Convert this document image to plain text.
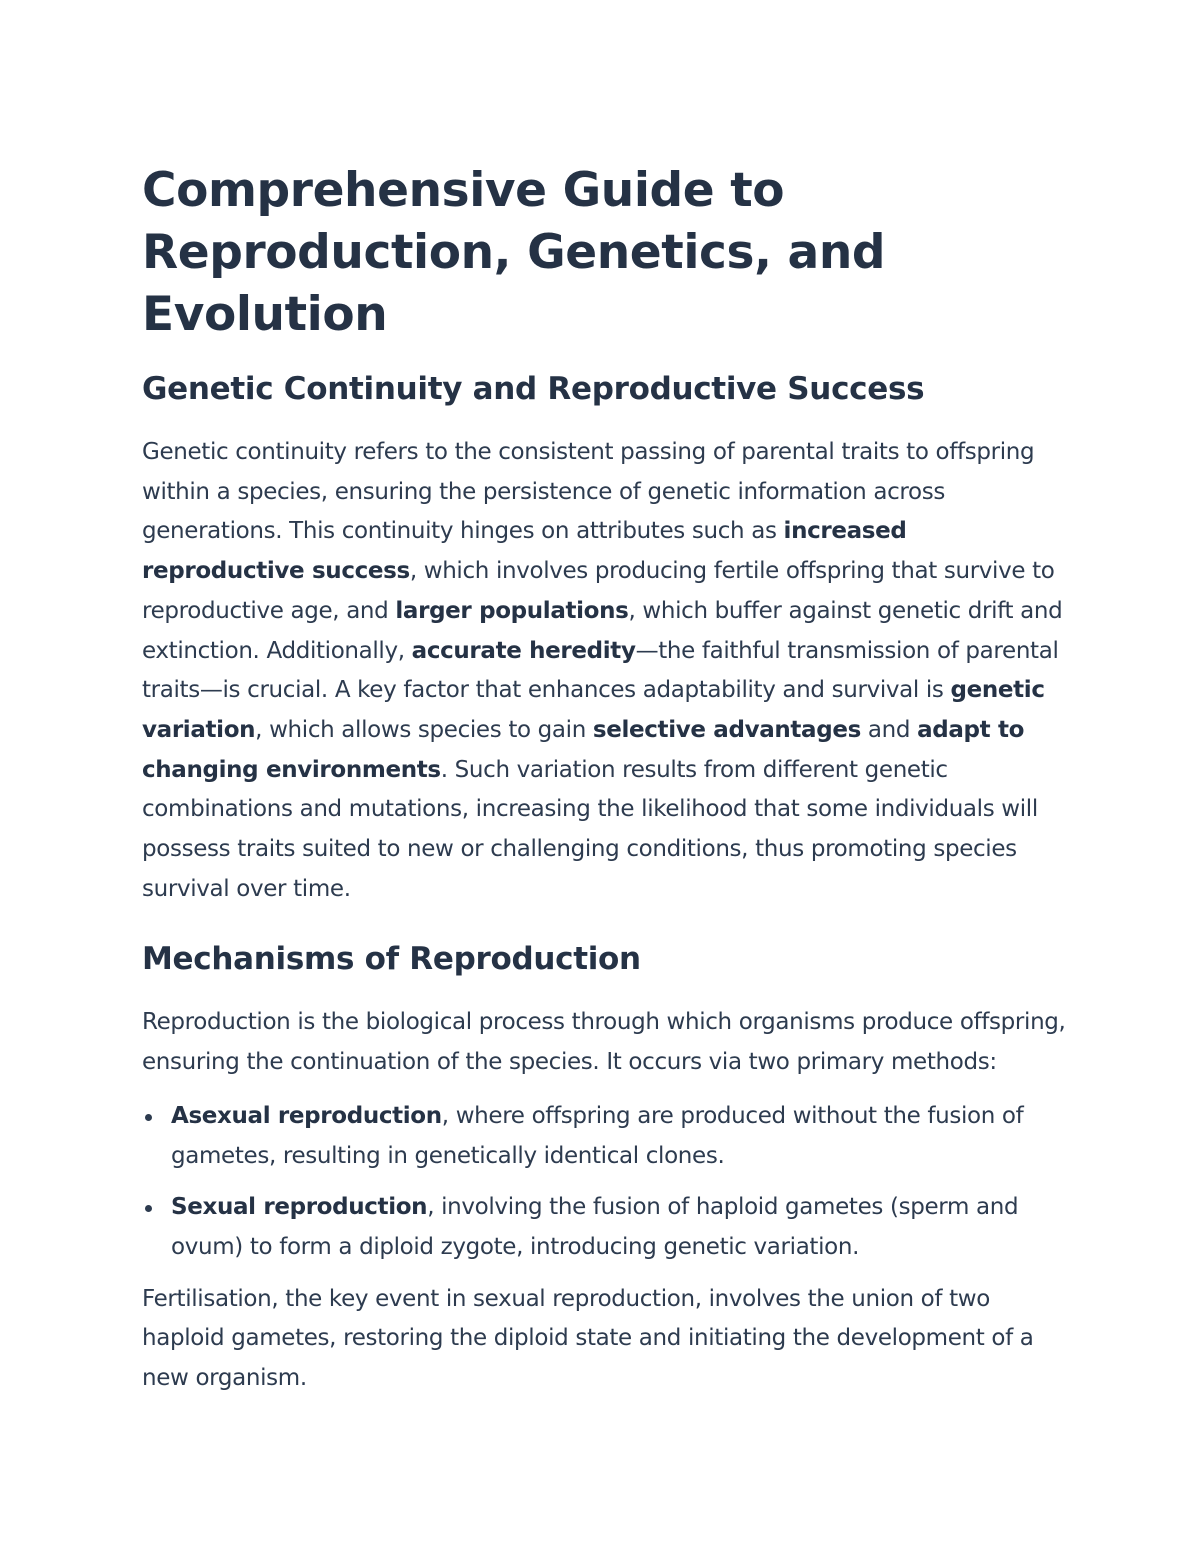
Comprehensive Guide to Reproduction, Genetics, and Evolution
Genetic Continuity and Reproductive Success

Genetic continuity refers to the consistent passing of parental traits to offspring within a species, ensuring the persistence of genetic information across generations. This continuity hinges on attributes such as increased reproductive success, which involves producing fertile offspring that survive to reproductive age, and larger populations, which buffer against genetic drift and extinction. Additionally, accurate heredity—the faithful transmission of parental traits—is crucial. A key factor that enhances adaptability and survival is genetic variation, which allows species to gain selective advantages and adapt to changing environments. Such variation results from different genetic combinations and mutations, increasing the likelihood that some individuals will possess traits suited to new or challenging conditions, thus promoting species survival over time.

Mechanisms of Reproduction

Reproduction is the biological process through which organisms produce offspring, ensuring the continuation of the species. It occurs via two primary methods:

Asexual reproduction, where offspring are produced without the fusion of gametes, resulting in genetically identical clones.
Sexual reproduction, involving the fusion of haploid gametes (sperm and ovum) to form a diploid zygote, introducing genetic variation.

Fertilisation, the key event in sexual reproduction, involves the union of two haploid gametes, restoring the diploid state and initiating the development of a new organism.
